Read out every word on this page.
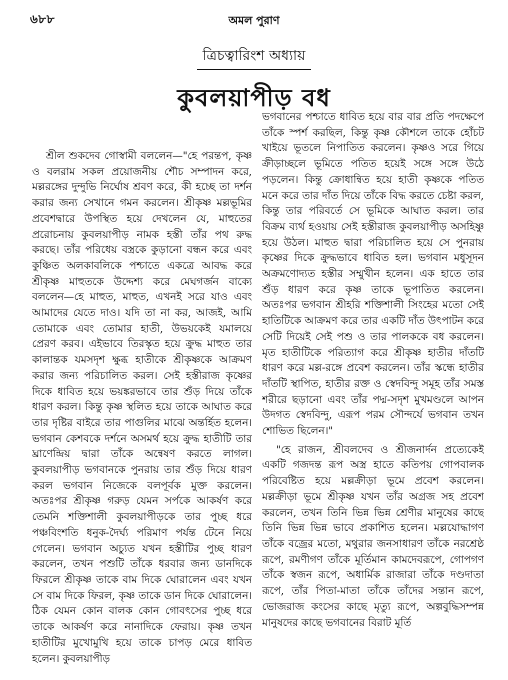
৬৮৮	অমল পুরাণ
ত্রিচত্বারিংশ অধ্যায়
কুবলয়াপীড় বধ

শ্রীল শুকদেব গোস্বামী বললেন—"হে পরন্তপ, কৃষ্ণ ও বলরাম সকল প্রয়োজনীয় শৌচ সম্পাদন করে, মল্লরঙ্গের দুন্দুভি নির্ঘোষ শ্রবণ করে, কী হচ্ছে তা দর্শন করার জন্য সেখানে গমন করলেন। শ্রীকৃষ্ণ মল্লভূমির প্রবেশদ্বারে উপস্থিত হয়ে দেখলেন যে, মাহুতের প্ররোচনায় কুবলয়াপীড় নামক হস্তী তাঁর পথ রুদ্ধ করছে। তাঁর পরিধেয় বস্ত্রকে কুড়ানো বন্ধন করে এবং কুঞ্চিত অলকাবলিকে পশ্চাতে একত্রে আবদ্ধ করে শ্রীকৃষ্ণ মাহুতকে উদ্দেশ্য করে মেঘগর্জন বাক্যে বললেন—হে মাহুত, মাহুত, এখনই সরে যাও এবং আমাদের যেতে দাও। যদি তা না কর, আজই, আমি তোমাকে এবং তোমার হাতী, উভয়কেই যমালয়ে প্রেরণ করব। এইভাবে তিরস্কৃত হয়ে ক্রুদ্ধ মাহুত তার কালান্তক যমসদৃশ ক্ষুব্ধ হাতীকে শ্রীকৃষ্ণকে আক্রমণ করার জন্য পরিচালিত করল। সেই হস্তীরাজ কৃষ্ণের দিকে ধাবিত হয়ে ভয়ঙ্করভাবে তার শুঁড় দিয়ে তাঁকে ধারণ করল। কিন্তু কৃষ্ণ স্থলিত হয়ে তাকে আঘাত করে তার দৃষ্টির বাইরে তার পাগুলির মাঝে অন্তর্হিত হলেন। ভগবান কেশবকে দর্শনে অসমর্থ হয়ে ক্রুদ্ধ হাতীটি তার ঘ্রাণেন্দ্রিয় দ্বারা তাঁকে অন্বেষণ করতে লাগল। কুবলয়াপীড় ভগবানকে পুনরায় তার শুঁড় দিয়ে ধারণ করল ভগবান নিজেকে বলপূর্বক মুক্ত করলেন। অতঃপর শ্রীকৃষ্ণ গরুড় যেমন সর্পকে আকর্ষণ করে তেমনি শক্তিশালী কুবলয়াপীড়কে তার পুচ্ছ ধরে পঞ্চবিংশতি ধনুক-দৈর্ঘ্য পরিমাণ পর্যন্ত টেনে নিয়ে গেলেন। ভগবান অচ্যুত যখন হস্তীটির পুচ্ছ ধারণ করলেন, তখন পশুটি তাঁকে ধরবার জন্য ডানদিকে ফিরলে শ্রীকৃষ্ণ তাকে বাম দিকে ঘোরালেন এবং যখন সে বাম দিকে ফিরল, কৃষ্ণ তাকে ডান দিকে ঘোরালেন। ঠিক যেমন কোন বালক কোন গোবৎসের পুচ্ছ ধরে তাকে আকর্ষণ করে নানাদিকে ফেরায়। কৃষ্ণ তখন হাতীটির মুখোমুখি হয়ে তাকে চাপড় মেরে ধাবিত হলেন। কুবলয়াপীড়

ভগবানের পশ্চাতে ধাবিত হয়ে বার বার প্রতি পদক্ষেপে তাঁকে স্পর্শ করছিল, কিন্তু কৃষ্ণ কৌশলে তাকে হোঁচট খাইয়ে ভূতলে নিপাতিত করলেন। কৃষ্ণও সরে গিয়ে ক্রীড়াচ্ছলে ভূমিতে পতিত হয়েই সঙ্গে সঙ্গে উঠে পড়লেন। কিন্তু ক্রোধান্বিত হয়ে হাতী কৃষ্ণকে পতিত মনে করে তার দাঁত দিয়ে তাঁকে বিদ্ধ করতে চেষ্টা করল, কিন্তু তার পরিবর্তে সে ভূমিকে আঘাত করল। তার বিক্রম ব্যর্থ হওয়ায় সেই হস্তীরাজ কুবলয়াপীড় অসহিষ্ণু হয়ে উঠল। মাহুত দ্বারা পরিচালিত হয়ে সে পুনরায় কৃষ্ণের দিকে ক্রুদ্ধভাবে ধাবিত হল। ভগবান মধুসূদন অক্রমণোদ্যত হস্তীর সম্মুখীন হলেন। এক হাতে তার শুঁড় ধারণ করে কৃষ্ণ তাকে ভূপাতিত করলেন। অতঃপর ভগবান শ্রীহরি শক্তিশালী সিংহের মতো সেই হাতিটিকে আক্রমণ করে তার একটি দাঁত উৎপাটন করে সেটি দিয়েই সেই পশু ও তার পালককে বধ করলেন। মৃত হাতীটিকে পরিত্যাগ করে শ্রীকৃষ্ণ হাতীর দাঁতটি ধারণ করে মল্ল-রঙ্গে প্রবেশ করলেন। তাঁর স্কন্ধে হাতীর দাঁতটি স্থাপিত, হাতীর রক্ত ও স্বেদবিন্দু সমূহ তাঁর সমস্ত শরীরে ছড়ানো এবং তাঁর পদ্ম-সদৃশ মুখমণ্ডলে আপন উদগত স্বেদবিন্দু, এরূপ পরম সৌন্দর্যে ভগবান তখন শোভিত ছিলেন।"

"হে রাজন, শ্রীবলদেব ও শ্রীজনার্দন প্রত্যেকেই একটি গজদন্ত রূপ অস্ত্র হাতে কতিপয় গোপবালক পরিবেষ্টিত হয়ে মল্লক্রীড়া ভূমে প্রবেশ করলেন। মল্লক্রীড়া ভূমে শ্রীকৃষ্ণ যখন তাঁর অগ্রজ সহ প্রবেশ করলেন, তখন তিনি ভিন্ন ভিন্ন শ্রেণীর মানুষের কাছে তিনি ভিন্ন ভিন্ন ভাবে প্রকাশিত হলেন। মল্লযোদ্ধাগণ তাঁকে বজ্রের মতো, মথুরার জনসাধারণ তাঁকে নরশ্রেষ্ঠ রূপে, রমণীগণ তাঁকে মূর্তিমান কামদেবরূপে, গোপগণ তাঁকে স্বজন রূপে, অধার্মিক রাজারা তাঁকে দণ্ডদাতা রূপে, তাঁর পিতা-মাতা তাঁকে তাঁদের সন্তান রূপে, ভোজরাজ কংসের কাছে মৃত্যু রূপে, অল্পবুদ্ধিসম্পন্ন মানুষদের কাছে ভগবানের বিরাট মূর্তি
